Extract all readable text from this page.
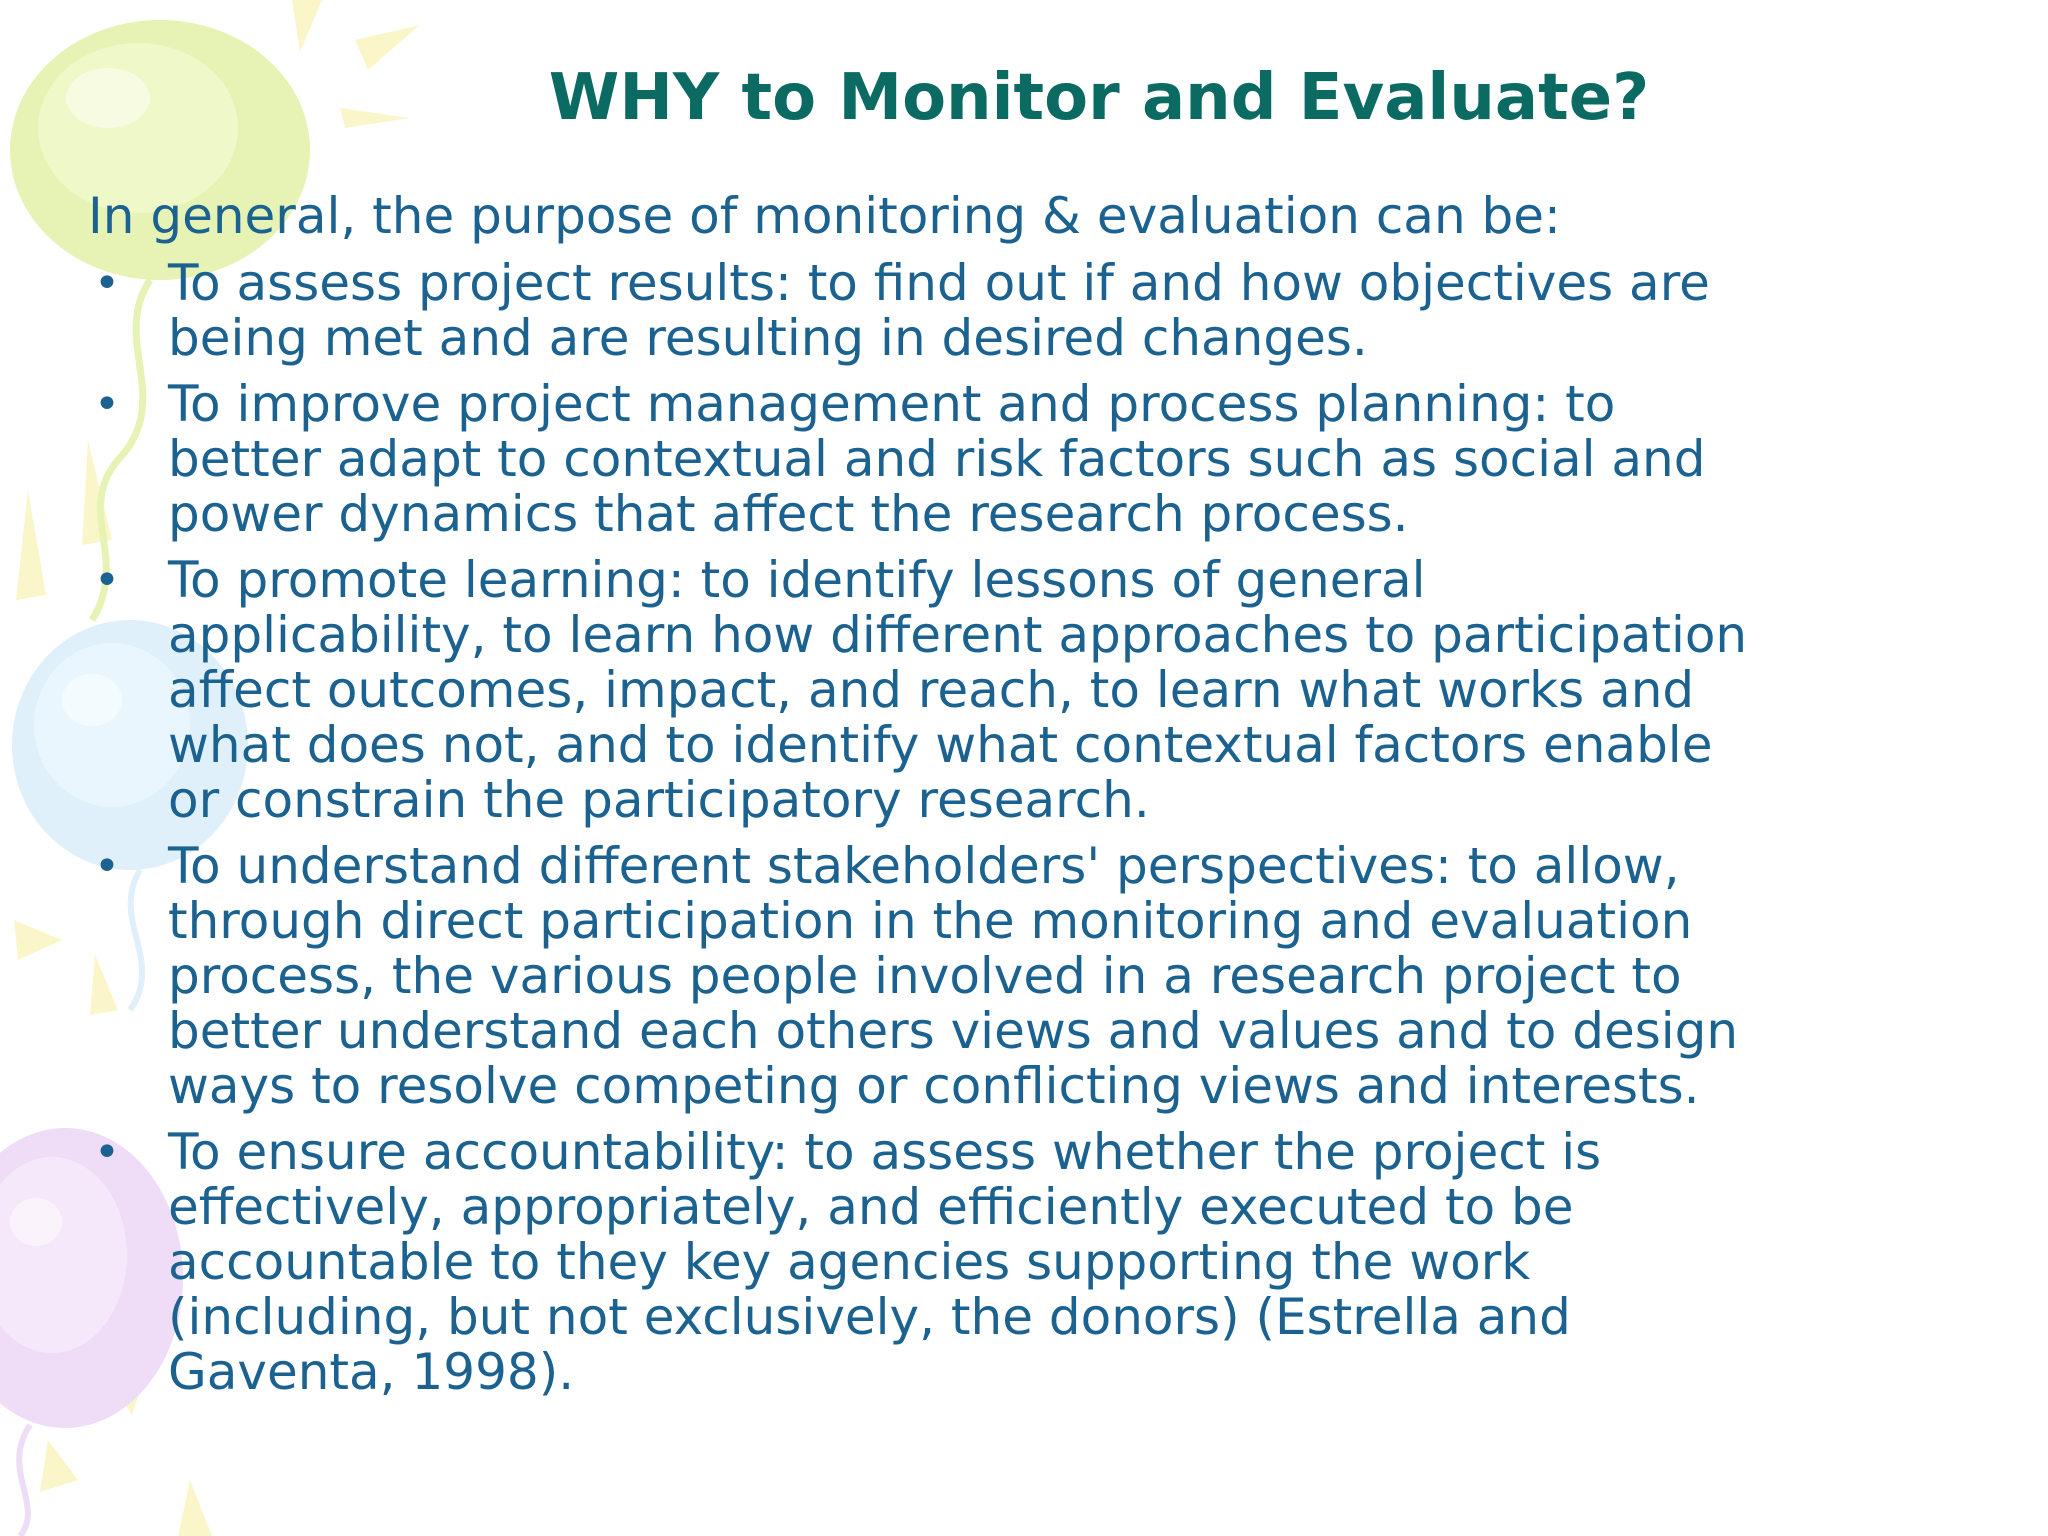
WHY to Monitor and Evaluate?

In general, the purpose of monitoring & evaluation can be:

• To assess project results: to find out if and how objectives are
being met and are resulting in desired changes.
• To improve project management and process planning: to
better adapt to contextual and risk factors such as social and
power dynamics that affect the research process.
• To promote learning: to identify lessons of general
applicability, to learn how different approaches to participation
affect outcomes, impact, and reach, to learn what works and
what does not, and to identify what contextual factors enable
or constrain the participatory research.
• To understand different stakeholders' perspectives: to allow,
through direct participation in the monitoring and evaluation
process, the various people involved in a research project to
better understand each others views and values and to design
ways to resolve competing or conflicting views and interests.
• To ensure accountability: to assess whether the project is
effectively, appropriately, and efficiently executed to be
accountable to they key agencies supporting the work
(including, but not exclusively, the donors) (Estrella and
Gaventa, 1998).
